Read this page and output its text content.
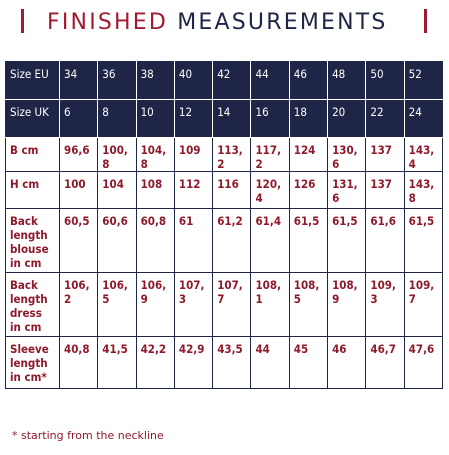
FINISHED MEASUREMENTS
Size EU	34	36	38	40	42	44	46	48	50	52
Size UK	6	8	10	12	14	16	18	20	22	24
B cm	96,6	100,8	104,8	109	113,2	117,2	124	130,6	137	143,4
H cm	100	104	108	112	116	120,4	126	131,6	137	143,8
Back length blouse in cm	60,5	60,6	60,8	61	61,2	61,4	61,5	61,5	61,6	61,5
Back length dress in cm	106,2	106,5	106,9	107,3	107,7	108,1	108,5	108,9	109,3	109,7
Sleeve length in cm*	40,8	41,5	42,2	42,9	43,5	44	45	46	46,7	47,6
* starting from the neckline
